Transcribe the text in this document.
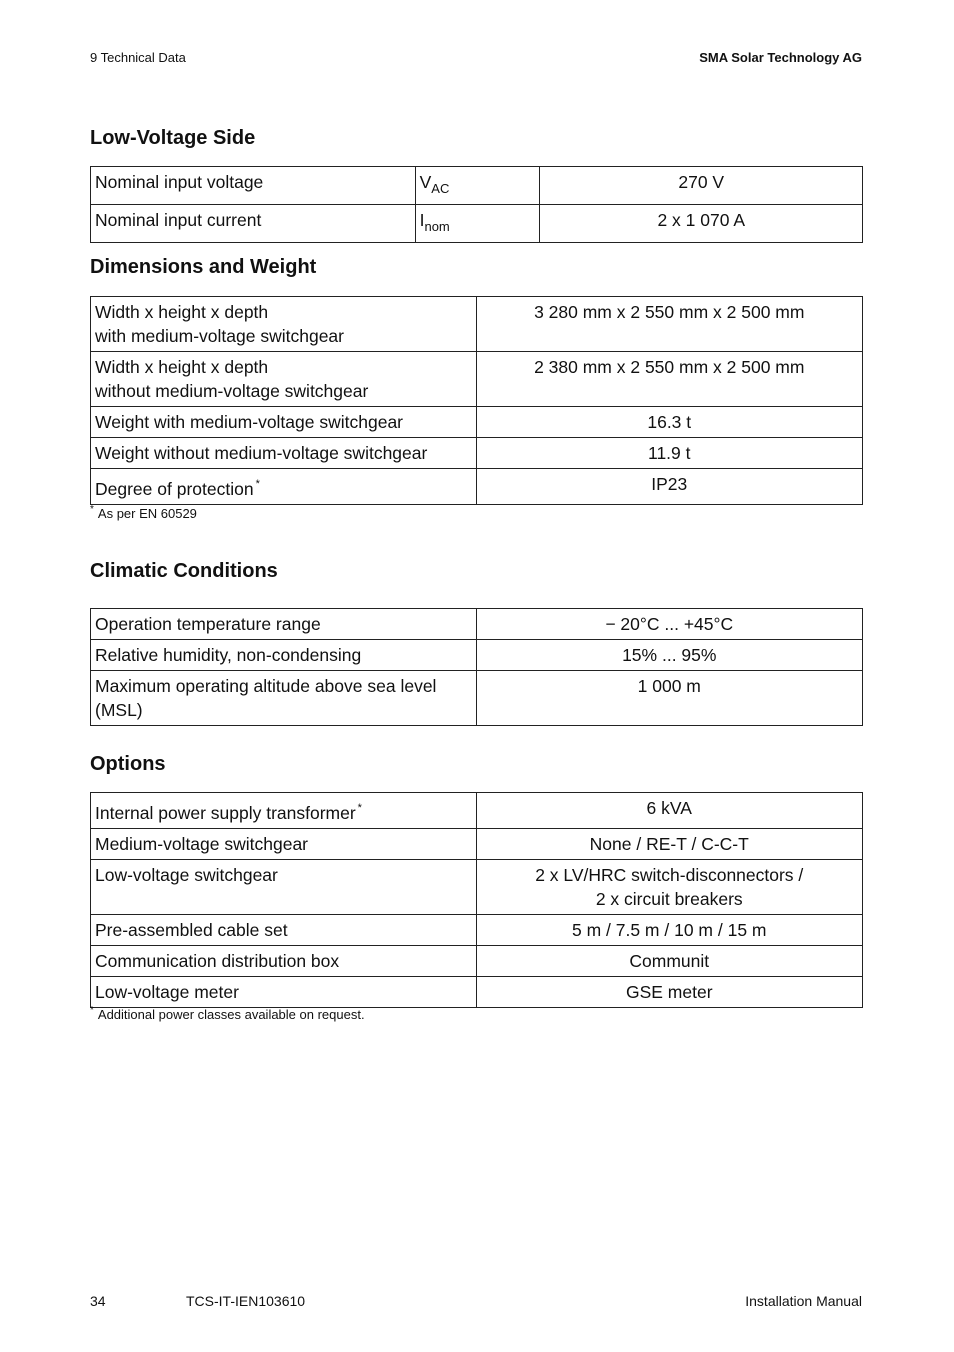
9 Technical Data	SMA Solar Technology AG
Low-Voltage Side
Nominal input voltage	$V_{AC}$	270 V
Nominal input current	$I_{nom}$	2 x 1 070 A
Dimensions and Weight
Width x height x depth
with medium-voltage switchgear	3 280 mm x 2 550 mm x 2 500 mm

Width x height x depth
without medium-voltage switchgear	2 380 mm x 2 550 mm x 2 500 mm
Weight with medium-voltage switchgear	16.3 t
Weight without medium-voltage switchgear	11.9 t
Degree of protection *	IP23
* As per EN 60529
Climatic Conditions
Operation temperature range	− 20°C ... +45°C
Relative humidity, non-condensing	15% ... 95%

Maximum operating altitude above sea level
(MSL)	1 000 m
Options
Internal power supply transformer *	6 kVA
Medium-voltage switchgear	None / RE-T / C-C-T
Low-voltage switchgear	2 x LV/HRC switch-disconnectors /
2 x circuit breakers

Pre-assembled cable set	5 m / 7.5 m / 10 m / 15 m
Communication distribution box	Communit
Low-voltage meter	GSE meter
* Additional power classes available on request.
34	TCS-IT-IEN103610	Installation Manual
